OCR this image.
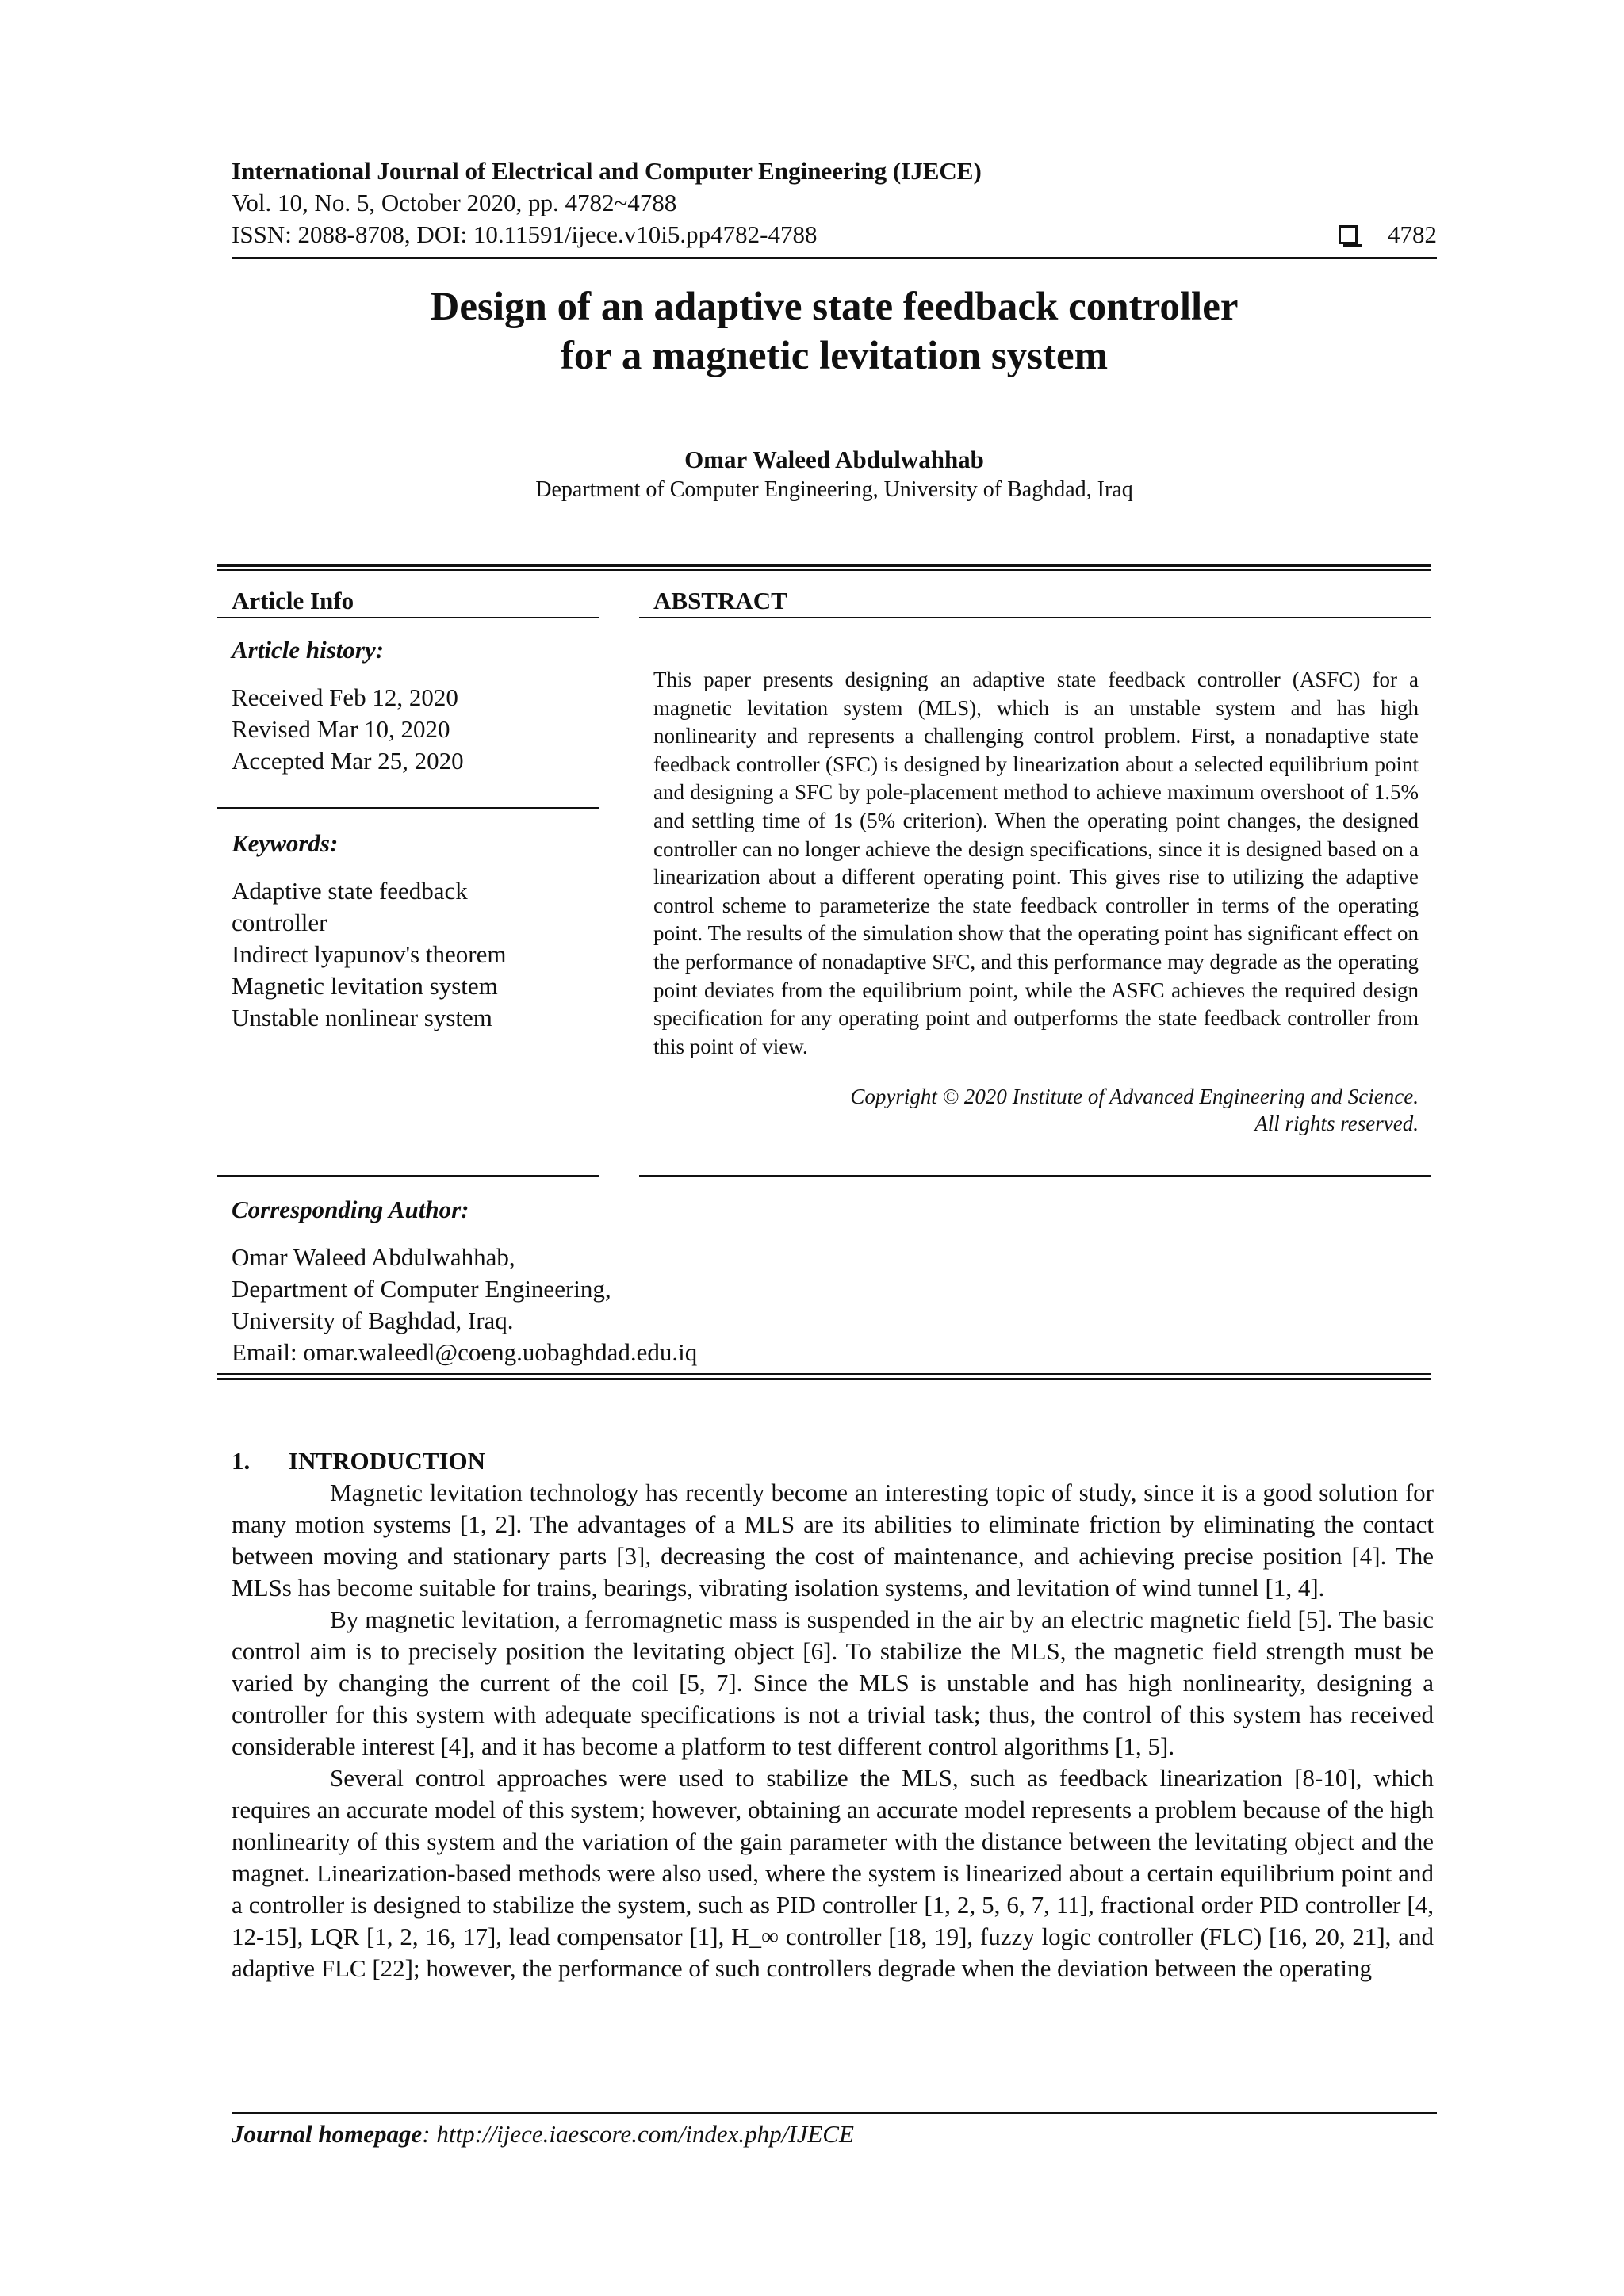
International Journal of Electrical and Computer Engineering (IJECE)
Vol. 10, No. 5, October 2020, pp. 4782~4788
ISSN: 2088-8708, DOI: 10.11591/ijece.v10i5.pp4782-4788	4782
Design of an adaptive state feedback controller
for a magnetic levitation system
Omar Waleed Abdulwahhab
Department of Computer Engineering, University of Baghdad, Iraq
Article Info
Article history:
Received Feb 12, 2020
Revised Mar 10, 2020
Accepted Mar 25, 2020
Keywords:
Adaptive state feedback
controller
Indirect lyapunov's theorem
Magnetic levitation system
Unstable nonlinear system
ABSTRACT
This paper presents designing an adaptive state feedback controller (ASFC) for a magnetic levitation system (MLS), which is an unstable system and has high nonlinearity and represents a challenging control problem. First, a nonadaptive state feedback controller (SFC) is designed by linearization about a selected equilibrium point and designing a SFC by pole-placement method to achieve maximum overshoot of 1.5% and settling time of 1s (5% criterion). When the operating point changes, the designed controller can no longer achieve the design specifications, since it is designed based on a linearization about a different operating point. This gives rise to utilizing the adaptive control scheme to parameterize the state feedback controller in terms of the operating point. The results of the simulation show that the operating point has significant effect on the performance of nonadaptive SFC, and this performance may degrade as the operating point deviates from the equilibrium point, while the ASFC achieves the required design specification for any operating point and outperforms the state feedback controller from this point of view.
Copyright © 2020 Institute of Advanced Engineering and Science.
All rights reserved.
Corresponding Author:
Omar Waleed Abdulwahhab,
Department of Computer Engineering,
University of Baghdad, Iraq.
Email: omar.waleedl@coeng.uobaghdad.edu.iq
1. INTRODUCTION

Magnetic levitation technology has recently become an interesting topic of study, since it is a good solution for many motion systems [1, 2]. The advantages of a MLS are its abilities to eliminate friction by eliminating the contact between moving and stationary parts [3], decreasing the cost of maintenance, and achieving precise position [4]. The MLSs has become suitable for trains, bearings, vibrating isolation systems, and levitation of wind tunnel [1, 4].

By magnetic levitation, a ferromagnetic mass is suspended in the air by an electric magnetic field [5]. The basic control aim is to precisely position the levitating object [6]. To stabilize the MLS, the magnetic field strength must be varied by changing the current of the coil [5, 7]. Since the MLS is unstable and has high nonlinearity, designing a controller for this system with adequate specifications is not a trivial task; thus, the control of this system has received considerable interest [4], and it has become a platform to test different control algorithms [1, 5].

Several control approaches were used to stabilize the MLS, such as feedback linearization [8-10], which requires an accurate model of this system; however, obtaining an accurate model represents a problem because of the high nonlinearity of this system and the variation of the gain parameter with the distance between the levitating object and the magnet. Linearization-based methods were also used, where the system is linearized about a certain equilibrium point and a controller is designed to stabilize the system, such as PID controller [1, 2, 5, 6, 7, 11], fractional order PID controller [4, 12-15], LQR [1, 2, 16, 17], lead compensator [1], H_∞ controller [18, 19], fuzzy logic controller (FLC) [16, 20, 21], and adaptive FLC [22]; however, the performance of such controllers degrade when the deviation between the operating

Journal homepage: http://ijece.iaescore.com/index.php/IJECE
